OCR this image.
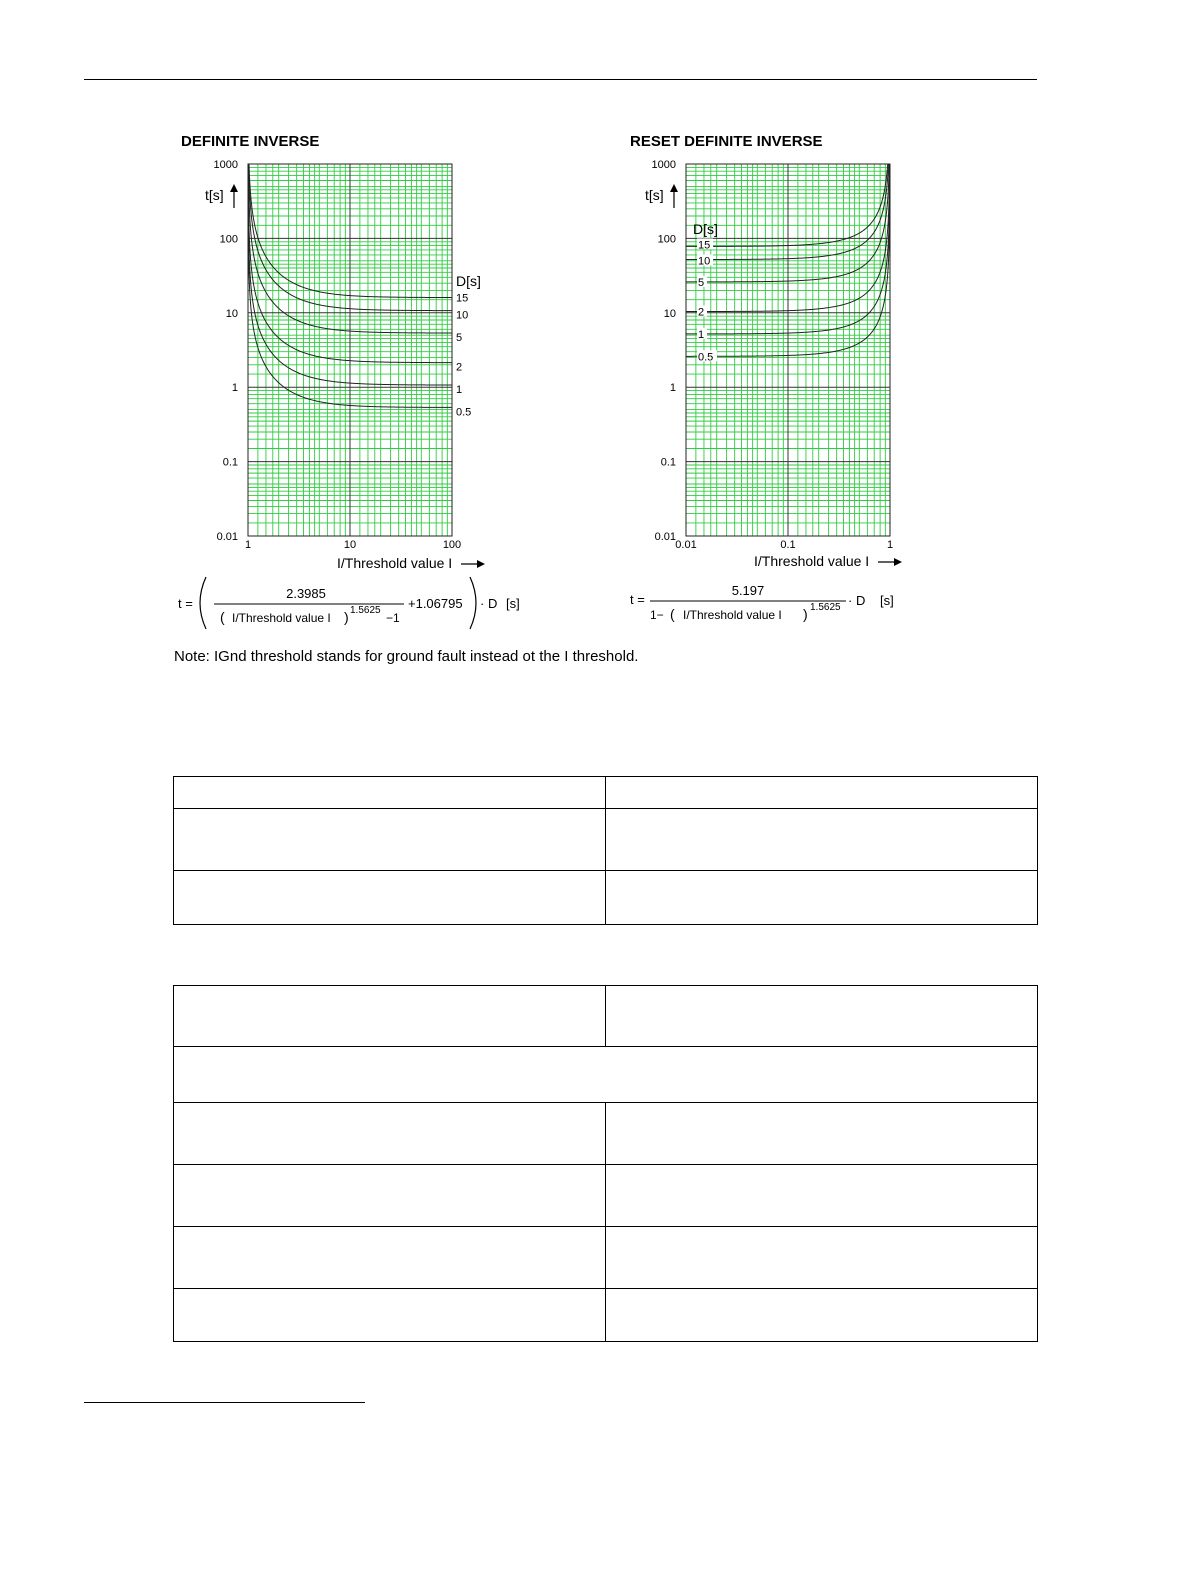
DEFINITE INVERSE	RESET DEFINITE INVERSE
1000
100
10
1
0.1
0.01
1	10	100
t[s]
I/Threshold value I
D[s]
15
10
5
2
1
0.5
t =
2.3985
( I/Threshold value I ) 1.5625
−1
+1.06795 · D [s]
1000
100
10
1
0.1
0.01
0.01	0.1	1
t[s]
I/Threshold value I
D[s]
15
10
5
2
1
0.5
t =
5.197
1− ( I/Threshold value I ) 1.5625 · D [s]
Note: IGnd threshold stands for ground fault instead ot the I threshold.
